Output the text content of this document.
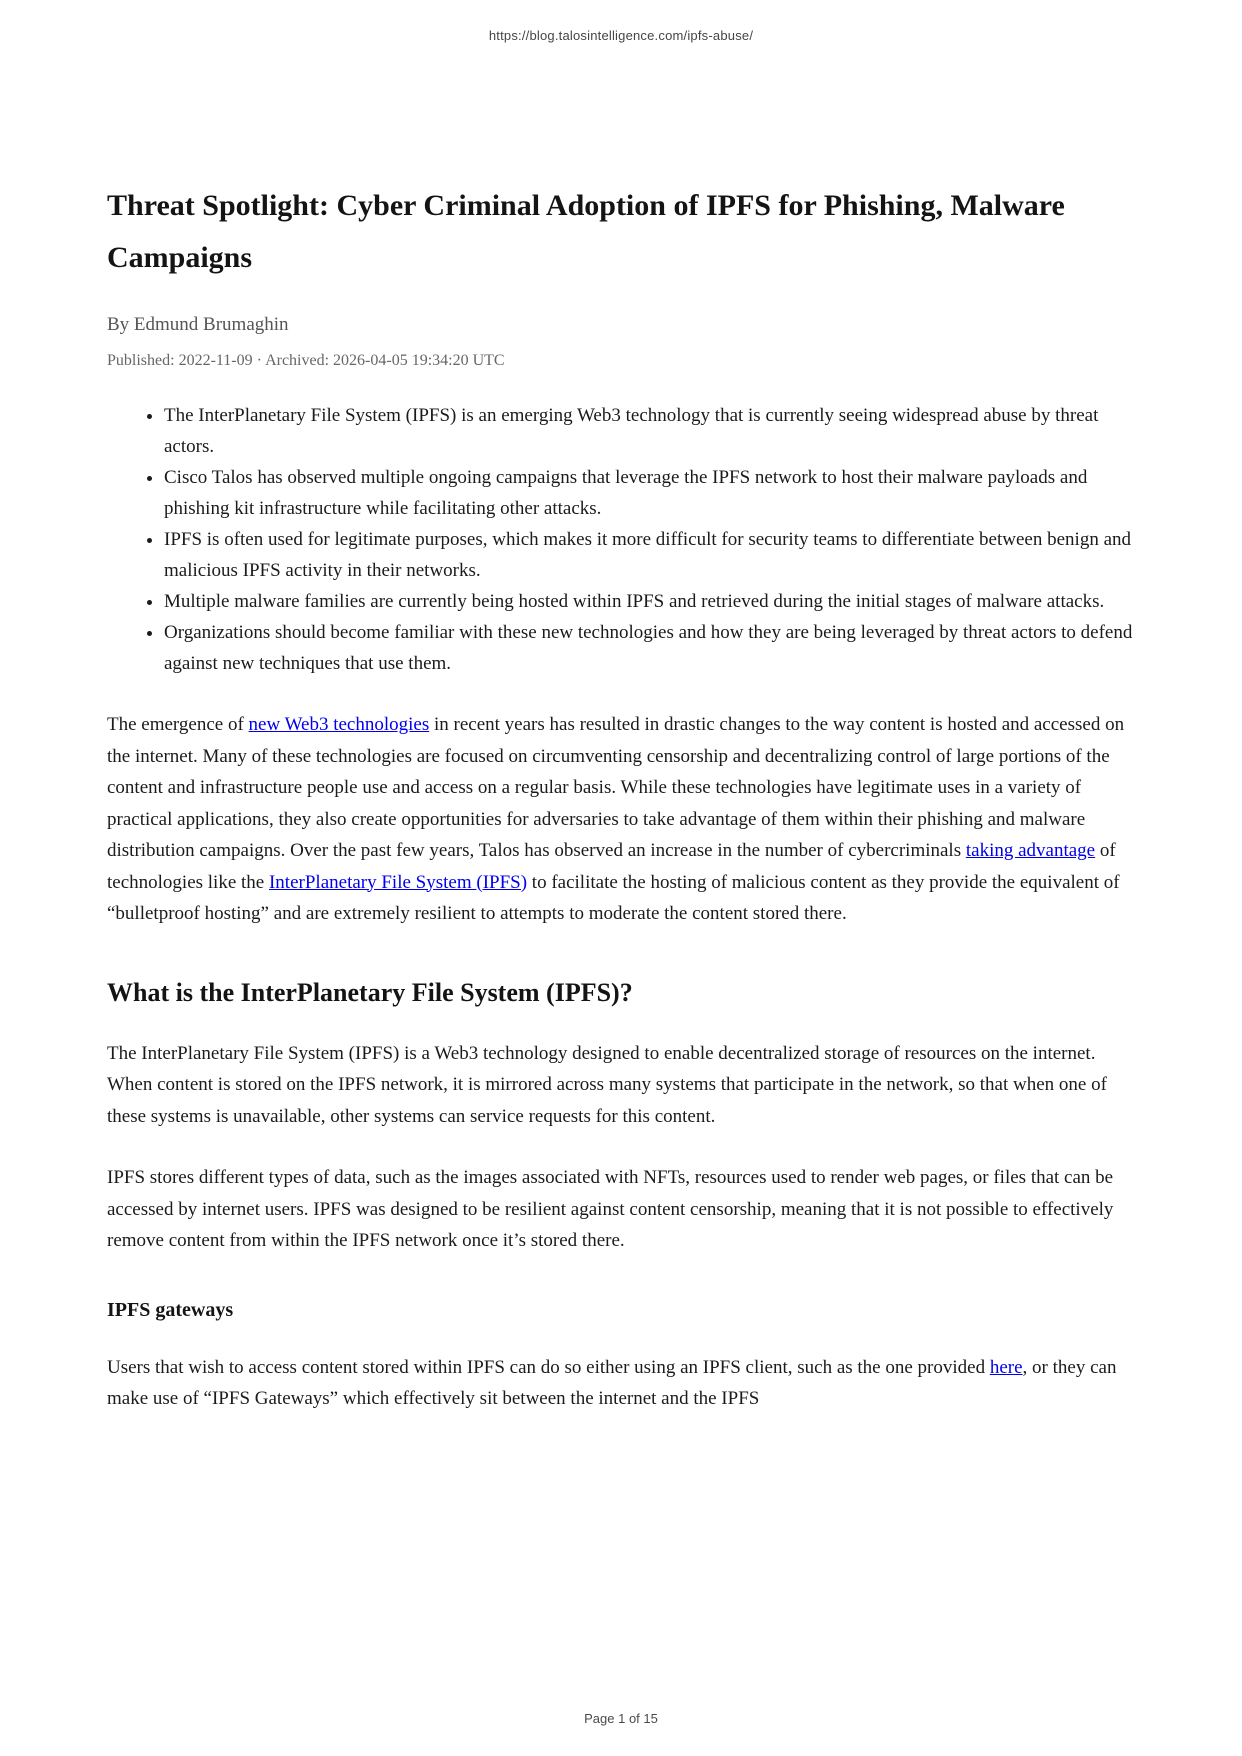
https://blog.talosintelligence.com/ipfs-abuse/
Threat Spotlight: Cyber Criminal Adoption of IPFS for Phishing, Malware Campaigns
By Edmund Brumaghin
Published: 2022-11-09 · Archived: 2026-04-05 19:34:20 UTC
• The InterPlanetary File System (IPFS) is an emerging Web3 technology that is currently seeing widespread abuse by threat actors.
• Cisco Talos has observed multiple ongoing campaigns that leverage the IPFS network to host their malware payloads and phishing kit infrastructure while facilitating other attacks.
• IPFS is often used for legitimate purposes, which makes it more difficult for security teams to differentiate between benign and malicious IPFS activity in their networks.
• Multiple malware families are currently being hosted within IPFS and retrieved during the initial stages of malware attacks.
• Organizations should become familiar with these new technologies and how they are being leveraged by threat actors to defend against new techniques that use them.

The emergence of new Web3 technologies in recent years has resulted in drastic changes to the way content is hosted and accessed on the internet. Many of these technologies are focused on circumventing censorship and decentralizing control of large portions of the content and infrastructure people use and access on a regular basis. While these technologies have legitimate uses in a variety of practical applications, they also create opportunities for adversaries to take advantage of them within their phishing and malware distribution campaigns. Over the past few years, Talos has observed an increase in the number of cybercriminals taking advantage of technologies like the InterPlanetary File System (IPFS) to facilitate the hosting of malicious content as they provide the equivalent of “bulletproof hosting” and are extremely resilient to attempts to moderate the content stored there.

What is the InterPlanetary File System (IPFS)?

The InterPlanetary File System (IPFS) is a Web3 technology designed to enable decentralized storage of resources on the internet. When content is stored on the IPFS network, it is mirrored across many systems that participate in the network, so that when one of these systems is unavailable, other systems can service requests for this content.

IPFS stores different types of data, such as the images associated with NFTs, resources used to render web pages, or files that can be accessed by internet users. IPFS was designed to be resilient against content censorship, meaning that it is not possible to effectively remove content from within the IPFS network once it’s stored there.

IPFS gateways

Users that wish to access content stored within IPFS can do so either using an IPFS client, such as the one provided here, or they can make use of “IPFS Gateways” which effectively sit between the internet and the IPFS

Page 1 of 15
